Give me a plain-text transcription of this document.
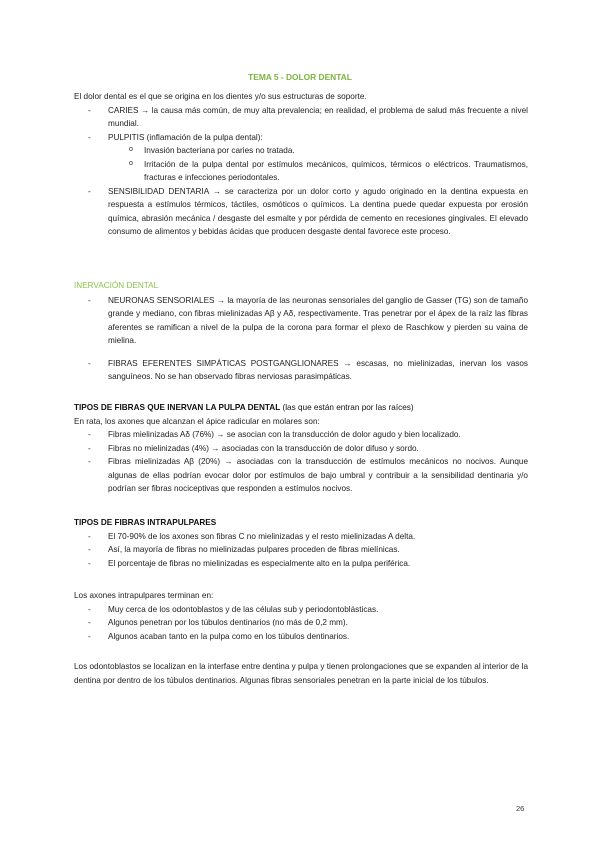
TEMA 5 - DOLOR DENTAL

El dolor dental es el que se origina en los dientes y/o sus estructuras de soporte.

- CARIES → la causa más común, de muy alta prevalencia; en realidad, el problema de salud más frecuente a nivel mundial.
- PULPITIS (inflamación de la pulpa dental):
o Invasión bacteriana por caries no tratada.
o Irritación de la pulpa dental por estímulos mecánicos, químicos, térmicos o eléctricos. Traumatismos, fracturas e infecciones periodontales.
- SENSIBILIDAD DENTARIA → se caracteriza por un dolor corto y agudo originado en la dentina expuesta en respuesta a estímulos térmicos, táctiles, osmóticos o químicos. La dentina puede quedar expuesta por erosión química, abrasión mecánica / desgaste del esmalte y por pérdida de cemento en recesiones gingivales. El elevado consumo de alimentos y bebidas ácidas que producen desgaste dental favorece este proceso.

INERVACIÓN DENTAL

- NEURONAS SENSORIALES → la mayoría de las neuronas sensoriales del ganglio de Gasser (TG) son de tamaño grande y mediano, con fibras mielinizadas Aβ y Aδ, respectivamente. Tras penetrar por el ápex de la raíz las fibras aferentes se ramifican a nivel de la pulpa de la corona para formar el plexo de Raschkow y pierden su vaina de mielina.
- FIBRAS EFERENTES SIMPÁTICAS POSTGANGLIONARES → escasas, no mielinizadas, inervan los vasos sanguíneos. No se han observado fibras nerviosas parasimpáticas.

TIPOS DE FIBRAS QUE INERVAN LA PULPA DENTAL (las que están entran por las raíces)

En rata, los axones que alcanzan el ápice radicular en molares son:

- Fibras mielinizadas Aδ (76%) → se asocian con la transducción de dolor agudo y bien localizado.
- Fibras no mielinizadas (4%) → asociadas con la transducción de dolor difuso y sordo.
- Fibras mielinizadas Aβ (20%) → asociadas con la transducción de estímulos mecánicos no nocivos. Aunque algunas de ellas podrían evocar dolor por estímulos de bajo umbral y contribuir a la sensibilidad dentinaria y/o podrían ser fibras nociceptivas que responden a estímulos nocivos.

TIPOS DE FIBRAS INTRAPULPARES

- El 70-90% de los axones son fibras C no mielinizadas y el resto mielinizadas A delta.
- Así, la mayoría de fibras no mielinizadas pulpares proceden de fibras mielínicas.
- El porcentaje de fibras no mielinizadas es especialmente alto en la pulpa periférica.

Los axones intrapulpares terminan en:

- Muy cerca de los odontoblastos y de las células sub y periodontoblásticas.
- Algunos penetran por los túbulos dentinarios (no más de 0,2 mm).
- Algunos acaban tanto en la pulpa como en los túbulos dentinarios.

Los odontoblastos se localizan en la interfase entre dentina y pulpa y tienen prolongaciones que se expanden al interior de la dentina por dentro de los túbulos dentinarios. Algunas fibras sensoriales penetran en la parte inicial de los túbulos.

26
